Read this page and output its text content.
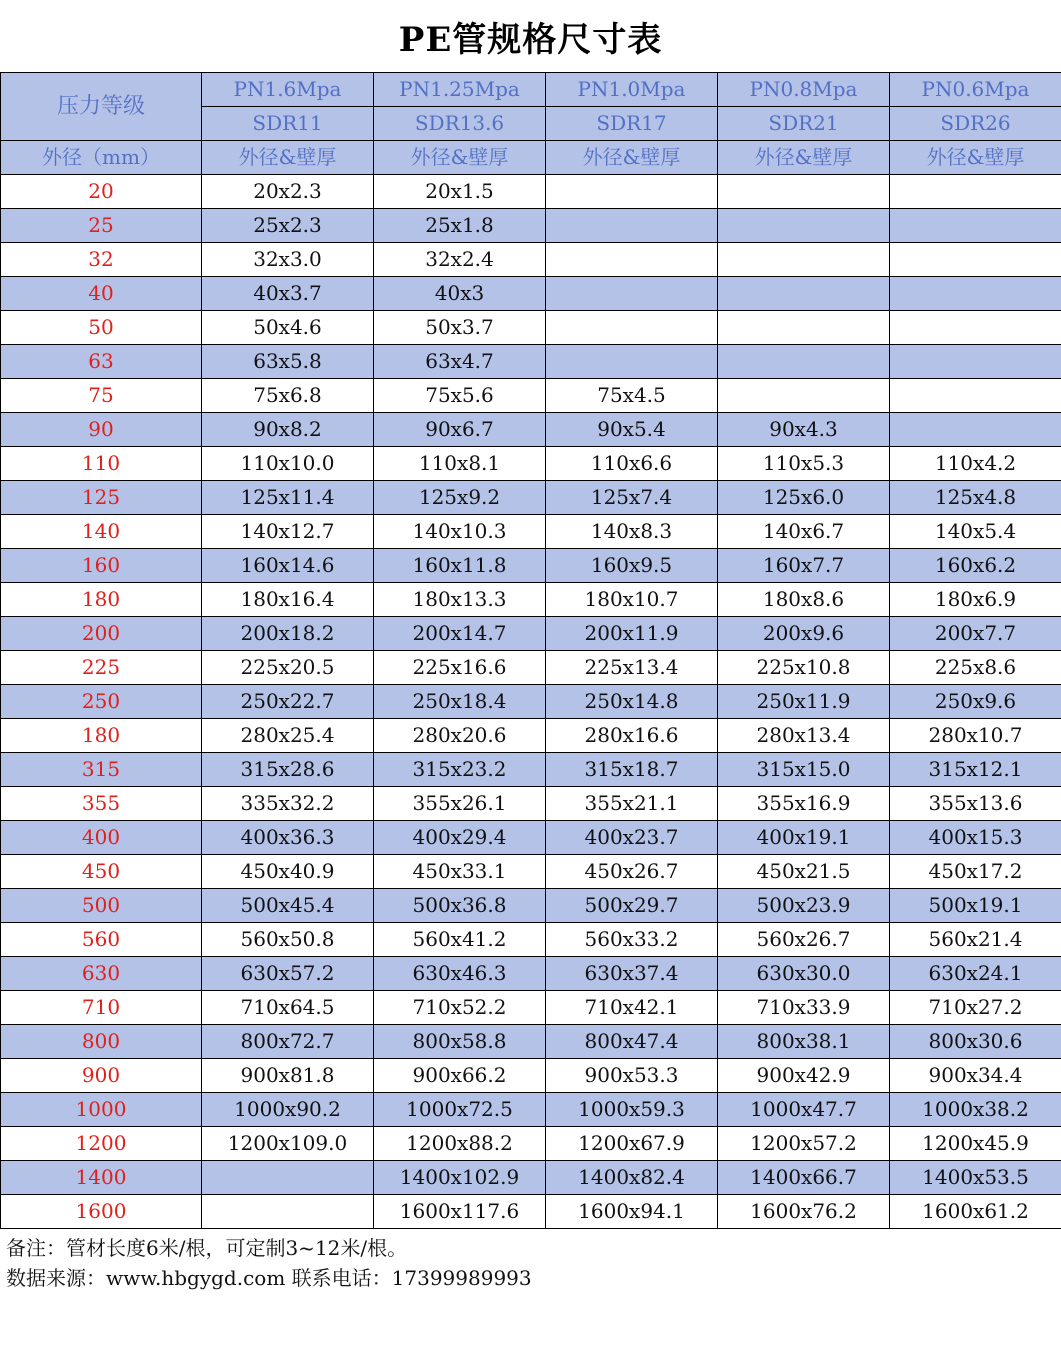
PE管规格尺寸表
压力等级	PN1.6Mpa	PN1.25Mpa	PN1.0Mpa	PN0.8Mpa	PN0.6Mpa
	SDR11	SDR13.6	SDR17	SDR21	SDR26
外径（mm）	外径&壁厚	外径&壁厚	外径&壁厚	外径&壁厚	外径&壁厚
20	20x2.3	20x1.5			
25	25x2.3	25x1.8			
32	32x3.0	32x2.4			
40	40x3.7	40x3			
50	50x4.6	50x3.7			
63	63x5.8	63x4.7			
75	75x6.8	75x5.6	75x4.5		
90	90x8.2	90x6.7	90x5.4	90x4.3	
110	110x10.0	110x8.1	110x6.6	110x5.3	110x4.2
125	125x11.4	125x9.2	125x7.4	125x6.0	125x4.8
140	140x12.7	140x10.3	140x8.3	140x6.7	140x5.4
160	160x14.6	160x11.8	160x9.5	160x7.7	160x6.2
180	180x16.4	180x13.3	180x10.7	180x8.6	180x6.9
200	200x18.2	200x14.7	200x11.9	200x9.6	200x7.7
225	225x20.5	225x16.6	225x13.4	225x10.8	225x8.6
250	250x22.7	250x18.4	250x14.8	250x11.9	250x9.6
180	280x25.4	280x20.6	280x16.6	280x13.4	280x10.7
315	315x28.6	315x23.2	315x18.7	315x15.0	315x12.1
355	335x32.2	355x26.1	355x21.1	355x16.9	355x13.6
400	400x36.3	400x29.4	400x23.7	400x19.1	400x15.3
450	450x40.9	450x33.1	450x26.7	450x21.5	450x17.2
500	500x45.4	500x36.8	500x29.7	500x23.9	500x19.1
560	560x50.8	560x41.2	560x33.2	560x26.7	560x21.4
630	630x57.2	630x46.3	630x37.4	630x30.0	630x24.1
710	710x64.5	710x52.2	710x42.1	710x33.9	710x27.2
800	800x72.7	800x58.8	800x47.4	800x38.1	800x30.6
900	900x81.8	900x66.2	900x53.3	900x42.9	900x34.4
1000	1000x90.2	1000x72.5	1000x59.3	1000x47.7	1000x38.2
1200	1200x109.0	1200x88.2	1200x67.9	1200x57.2	1200x45.9
1400		1400x102.9	1400x82.4	1400x66.7	1400x53.5
1600		1600x117.6	1600x94.1	1600x76.2	1600x61.2
备注：管材长度6米/根，可定制3~12米/根。
数据来源：www.hbgygd.com 联系电话：17399989993
